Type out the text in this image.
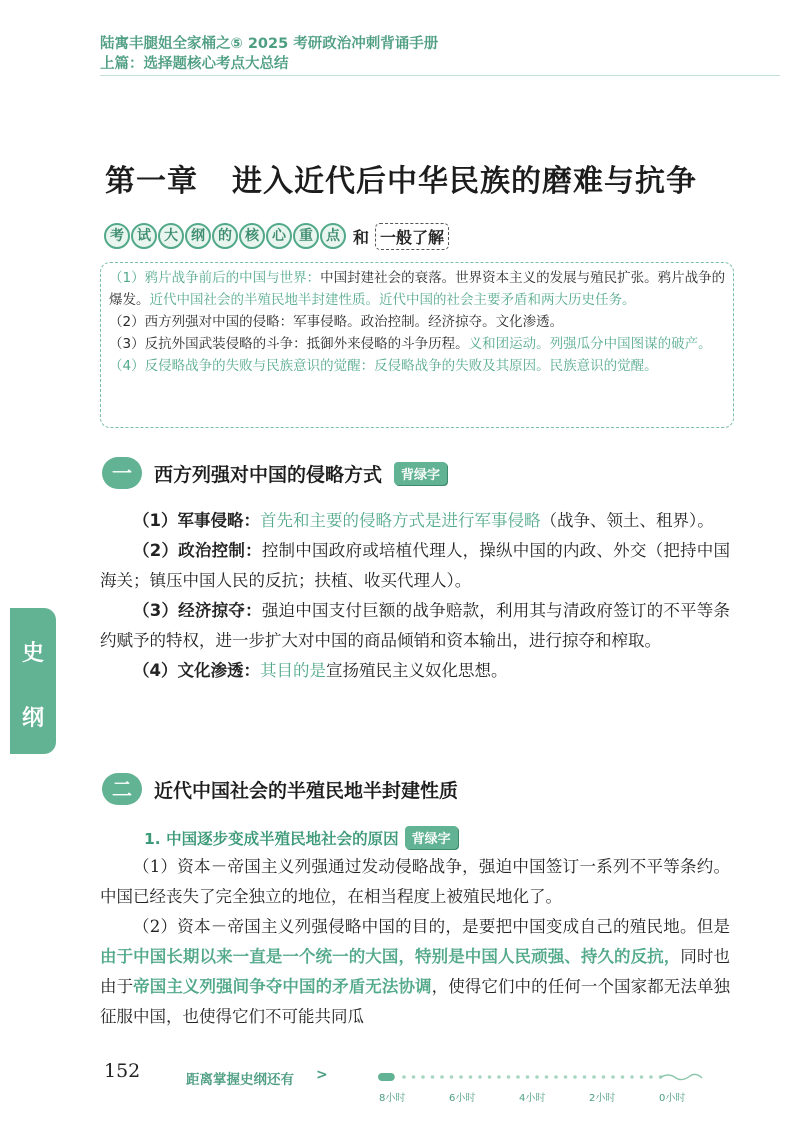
陆寓丰腿姐全家桶之⑤ 2025 考研政治冲刺背诵手册
上篇：选择题核心考点大总结
第一章 进入近代后中华民族的磨难与抗争
考 试 大 纲 的 核 心 重 点 和 一般了解

（1）鸦片战争前后的中国与世界：中国封建社会的衰落。世界资本主义的发展与殖民扩张。鸦片战争的爆发。近代中国社会的半殖民地半封建性质。近代中国的社会主要矛盾和两大历史任务。

（2）西方列强对中国的侵略：军事侵略。政治控制。经济掠夺。文化渗透。

（3）反抗外国武装侵略的斗争：抵御外来侵略的斗争历程。义和团运动。列强瓜分中国图谋的破产。

（4）反侵略战争的失败与民族意识的觉醒：反侵略战争的失败及其原因。民族意识的觉醒。

一	西方列强对中国的侵略方式	背绿字

（1）军事侵略：首先和主要的侵略方式是进行军事侵略（战争、领土、租界）。

（2）政治控制：控制中国政府或培植代理人，操纵中国的内政、外交（把持中国海关；镇压中国人民的反抗；扶植、收买代理人）。

（3）经济掠夺：强迫中国支付巨额的战争赔款，利用其与清政府签订的不平等条约赋予的特权，进一步扩大对中国的商品倾销和资本输出，进行掠夺和榨取。

（4）文化渗透：其目的是宣扬殖民主义奴化思想。

二	近代中国社会的半殖民地半封建性质
1. 中国逐步变成半殖民地社会的原因	背绿字

（1）资本－帝国主义列强通过发动侵略战争，强迫中国签订一系列不平等条约。中国已经丧失了完全独立的地位，在相当程度上被殖民地化了。

（2）资本－帝国主义列强侵略中国的目的，是要把中国变成自己的殖民地。但是由于中国长期以来一直是一个统一的大国，特别是中国人民顽强、持久的反抗，同时也由于帝国主义列强间争夺中国的矛盾无法协调，使得它们中的任何一个国家都无法单独征服中国，也使得它们不可能共同瓜

史
纲
152	距离掌握史纲还有 >
8小时	6小时	4小时	2小时	0小时
